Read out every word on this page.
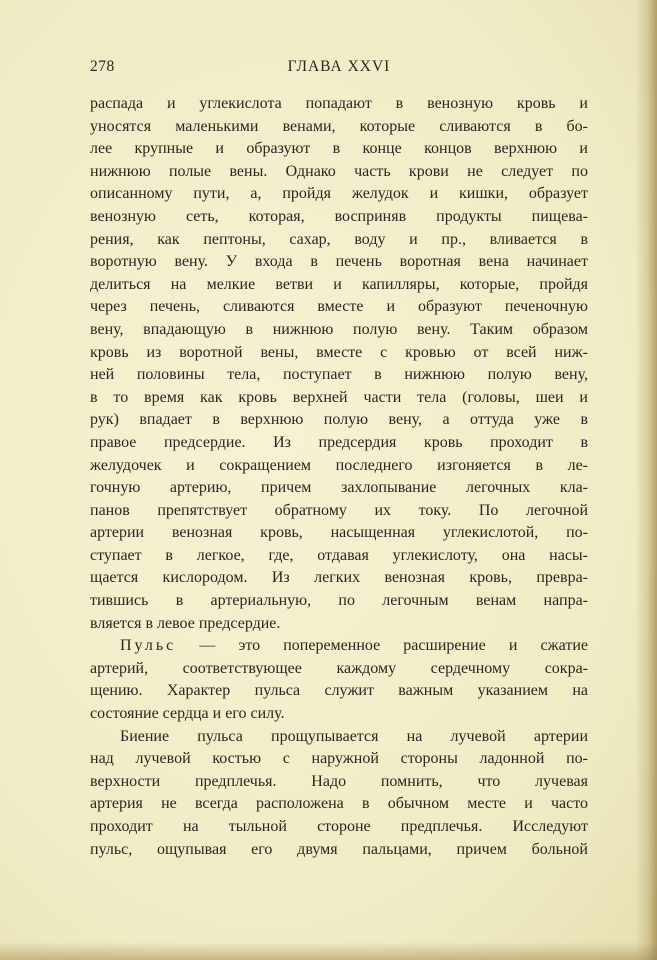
278	ГЛАВА XXVI
распада и углекислота попадают в венозную кровь и
уносятся маленькими венами, которые сливаются в бо-
лее крупные и образуют в конце концов верхнюю и
нижнюю полые вены. Однако часть крови не следует по
описанному пути, а, пройдя желудок и кишки, образует
венозную сеть, которая, восприняв продукты пищева-
рения, как пептоны, сахар, воду и пр., вливается в
воротную вену. У входа в печень воротная вена начинает
делиться на мелкие ветви и капилляры, которые, пройдя
через печень, сливаются вместе и образуют печеночную
вену, впадающую в нижнюю полую вену. Таким образом
кровь из воротной вены, вместе с кровью от всей ниж-
ней половины тела, поступает в нижнюю полую вену,
в то время как кровь верхней части тела (головы, шеи и
рук) впадает в верхнюю полую вену, а оттуда уже в
правое предсердие. Из предсердия кровь проходит в
желудочек и сокращением последнего изгоняется в ле-
гочную артерию, причем захлопывание легочных кла-
панов препятствует обратному их току. По легочной
артерии венозная кровь, насыщенная углекислотой, по-
ступает в легкое, где, отдавая углекислоту, она насы-
щается кислородом. Из легких венозная кровь, превра-
тившись в артериальную, по легочным венам напра-
вляется в левое предсердие.
Пульс — это попеременное расширение и сжатие
артерий, соответствующее каждому сердечному сокра-
щению. Характер пульса служит важным указанием на
состояние сердца и его силу.
Биение пульса прощупывается на лучевой артерии
над лучевой костью с наружной стороны ладонной по-
верхности предплечья. Надо помнить, что лучевая
артерия не всегда расположена в обычном месте и часто
проходит на тыльной стороне предплечья. Исследуют
пульс, ощупывая его двумя пальцами, причем больной
